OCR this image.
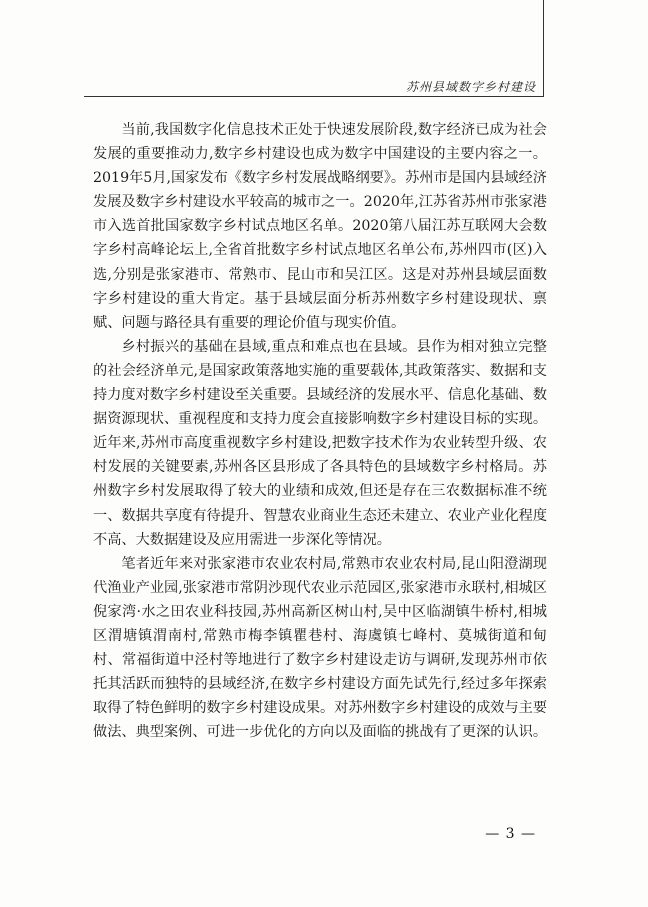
苏州县域数字乡村建设

当前,我国数字化信息技术正处于快速发展阶段,数字经济已成为社会发展的重要推动力,数字乡村建设也成为数字中国建设的主要内容之一。2019年5月,国家发布《数字乡村发展战略纲要》。苏州市是国内县域经济发展及数字乡村建设水平较高的城市之一。2020年,江苏省苏州市张家港市入选首批国家数字乡村试点地区名单。2020第八届江苏互联网大会数字乡村高峰论坛上,全省首批数字乡村试点地区名单公布,苏州四市(区)入选,分别是张家港市、常熟市、昆山市和吴江区。这是对苏州县域层面数字乡村建设的重大肯定。基于县域层面分析苏州数字乡村建设现状、禀赋、问题与路径具有重要的理论价值与现实价值。

乡村振兴的基础在县域,重点和难点也在县域。县作为相对独立完整的社会经济单元,是国家政策落地实施的重要载体,其政策落实、数据和支持力度对数字乡村建设至关重要。县域经济的发展水平、信息化基础、数据资源现状、重视程度和支持力度会直接影响数字乡村建设目标的实现。近年来,苏州市高度重视数字乡村建设,把数字技术作为农业转型升级、农村发展的关键要素,苏州各区县形成了各具特色的县域数字乡村格局。苏州数字乡村发展取得了较大的业绩和成效,但还是存在三农数据标准不统一、数据共享度有待提升、智慧农业商业生态还未建立、农业产业化程度不高、大数据建设及应用需进一步深化等情况。

笔者近年来对张家港市农业农村局,常熟市农业农村局,昆山阳澄湖现代渔业产业园,张家港市常阴沙现代农业示范园区,张家港市永联村,相城区倪家湾·水之田农业科技园,苏州高新区树山村,吴中区临湖镇牛桥村,相城区渭塘镇渭南村,常熟市梅李镇瞿巷村、海虞镇七峰村、莫城街道和甸村、常福街道中泾村等地进行了数字乡村建设走访与调研,发现苏州市依托其活跃而独特的县域经济,在数字乡村建设方面先试先行,经过多年探索取得了特色鲜明的数字乡村建设成果。对苏州数字乡村建设的成效与主要做法、典型案例、可进一步优化的方向以及面临的挑战有了更深的认识。

— 3 —
